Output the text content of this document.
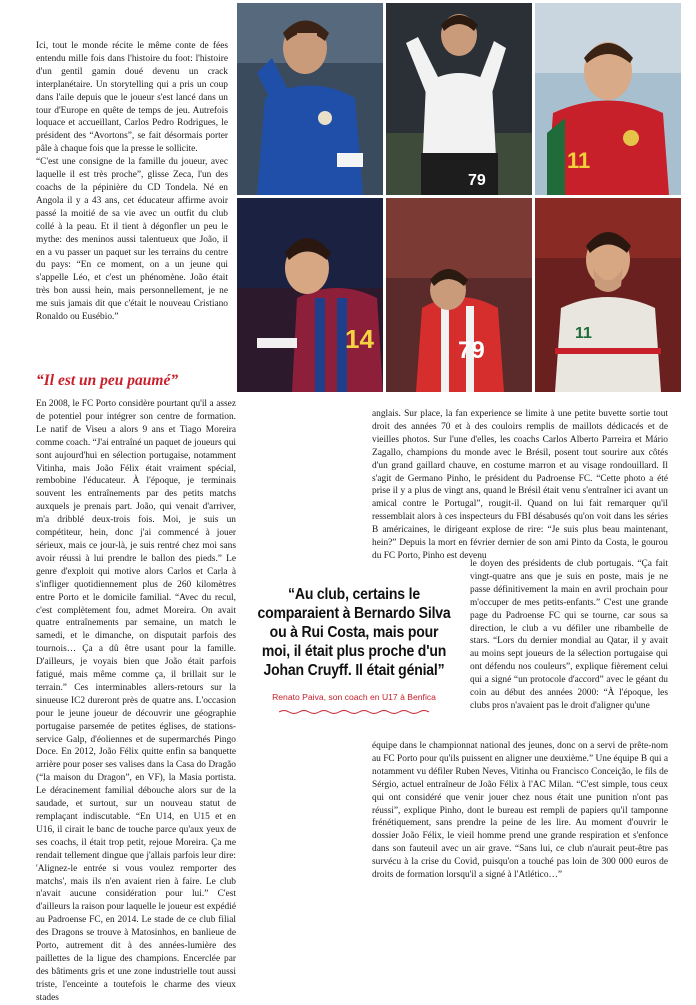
79
11
14	79
11

Ici, tout le monde récite le même conte de fées entendu mille fois dans l'histoire du foot: l'histoire d'un gentil gamin doué devenu un crack interplanétaire. Un storytelling qui a pris un coup dans l'aile depuis que le joueur s'est lancé dans un tour d'Europe en quête de temps de jeu. Autrefois loquace et accueillant, Carlos Pedro Rodrigues, le président des “Avortons”, se fait désormais porter pâle à chaque fois que la presse le sollicite.

“C'est une consigne de la famille du joueur, avec laquelle il est très proche”, glisse Zeca, l'un des coachs de la pépinière du CD Tondela. Né en Angola il y a 43 ans, cet éducateur affirme avoir passé la moitié de sa vie avec un outfit du club collé à la peau. Et il tient à dégonfler un peu le mythe: des meninos aussi talentueux que João, il en a vu passer un paquet sur les terrains du centre du pays: “En ce moment, on a un jeune qui s'appelle Léo, et c'est un phénomène. João était très bon aussi hein, mais personnellement, je ne me suis jamais dit que c'était le nouveau Cristiano Ronaldo ou Eusébio.”

“Il est un peu paumé”

En 2008, le FC Porto considère pourtant qu'il a assez de potentiel pour intégrer son centre de formation. Le natif de Viseu a alors 9 ans et Tiago Moreira comme coach. “J'ai entraîné un paquet de joueurs qui sont aujourd'hui en sélection portugaise, notamment Vitinha, mais João Félix était vraiment spécial, rembobine l'éducateur. À l'époque, je terminais souvent les entraînements par des petits matchs auxquels je prenais part. João, qui venait d'arriver, m'a dribblé deux-trois fois. Moi, je suis un compétiteur, hein, donc j'ai commencé à jouer sérieux, mais ce jour-là, je suis rentré chez moi sans avoir réussi à lui prendre le ballon des pieds.” Le genre d'exploit qui motive alors Carlos et Carla à s'infliger quotidiennement plus de 260 kilomètres entre Porto et le domicile familial. “Avec du recul, c'est complètement fou, admet Moreira. On avait quatre entraînements par semaine, un match le samedi, et le dimanche, on disputait parfois des tournois… Ça a dû être usant pour la famille. D'ailleurs, je voyais bien que João était parfois fatigué, mais même comme ça, il brillait sur le terrain.” Ces interminables allers-retours sur la sinueuse IC2 dureront près de quatre ans. L'occasion pour le jeune joueur de découvrir une géographie portugaise parsemée de petites églises, de stations-service Galp, d'éoliennes et de supermarchés Pingo Doce. En 2012, João Félix quitte enfin sa banquette arrière pour poser ses valises dans la Casa do Dragão (“la maison du Dragon”, en VF), la Masia portista. Le déracinement familial débouche alors sur de la saudade, et surtout, sur un nouveau statut de remplaçant indiscutable. “En U14, en U15 et en U16, il cirait le banc de touche parce qu'aux yeux de ses coachs, il était trop petit, rejoue Moreira. Ça me rendait tellement dingue que j'allais parfois leur dire: 'Alignez-le entrée si vous voulez remporter des matchs', mais ils n'en avaient rien à faire. Le club n'avait aucune considération pour lui.” C'est d'ailleurs la raison pour laquelle le joueur est expédié au Padroense FC, en 2014. Le stade de ce club filial des Dragons se trouve à Matosinhos, en banlieue de Porto, autrement dit à des années-lumière des paillettes de la ligue des champions. Encerclée par des bâtiments gris et une zone industrielle tout aussi triste, l'enceinte a toutefois le charme des vieux stades

anglais. Sur place, la fan experience se limite à une petite buvette sortie tout droit des années 70 et à des couloirs remplis de maillots dédicacés et de vieilles photos. Sur l'une d'elles, les coachs Carlos Alberto Parreira et Mário Zagallo, champions du monde avec le Brésil, posent tout sourire aux côtés d'un grand gaillard chauve, en costume marron et au visage rondouillard. Il s'agit de Germano Pinho, le président du Padroense FC. “Cette photo a été prise il y a plus de vingt ans, quand le Brésil était venu s'entraîner ici avant un amical contre le Portugal”, rougit-il. Quand on lui fait remarquer qu'il ressemblait alors à ces inspecteurs du FBI désabusés qu'on voit dans les séries B américaines, le dirigeant explose de rire: “Je suis plus beau maintenant, hein?” Depuis la mort en février dernier de son ami Pinto da Costa, le gourou du FC Porto, Pinho est devenu

le doyen des présidents de club portugais. “Ça fait vingt-quatre ans que je suis en poste, mais je ne passe définitivement la main en avril prochain pour m'occuper de mes petits-enfants.” C'est une grande page du Padroense FC qui se tourne, car sous sa direction, le club a vu défiler une ribambelle de stars. “Lors du dernier mondial au Qatar, il y avait au moins sept joueurs de la sélection portugaise qui ont défendu nos couleurs”, explique fièrement celui qui a signé “un protocole d'accord” avec le géant du coin au début des années 2000: “À l'époque, les clubs pros n'avaient pas le droit d'aligner qu'une

équipe dans le championnat national des jeunes, donc on a servi de prête-nom au FC Porto pour qu'ils puissent en aligner une deuxième.” Une équipe B qui a notamment vu défiler Ruben Neves, Vitinha ou Francisco Conceição, le fils de Sérgio, actuel entraîneur de João Félix à l'AC Milan. “C'est simple, tous ceux qui ont considéré que venir jouer chez nous était une punition n'ont pas réussi”, explique Pinho, dont le bureau est rempli de papiers qu'il tamponne frénétiquement, sans prendre la peine de les lire. Au moment d'ouvrir le dossier João Félix, le vieil homme prend une grande respiration et s'enfonce dans son fauteuil avec un air grave. “Sans lui, ce club n'aurait peut-être pas survécu à la crise du Covid, puisqu'on a touché pas loin de 300 000 euros de droits de formation lorsqu'il a signé à l'Atlético…”

“Au club, certains le comparaient à Bernardo Silva ou à Rui Costa, mais pour moi, il était plus proche d'un Johan Cruyff. Il était génial”
Renato Paiva, son coach en U17 à Benfica
